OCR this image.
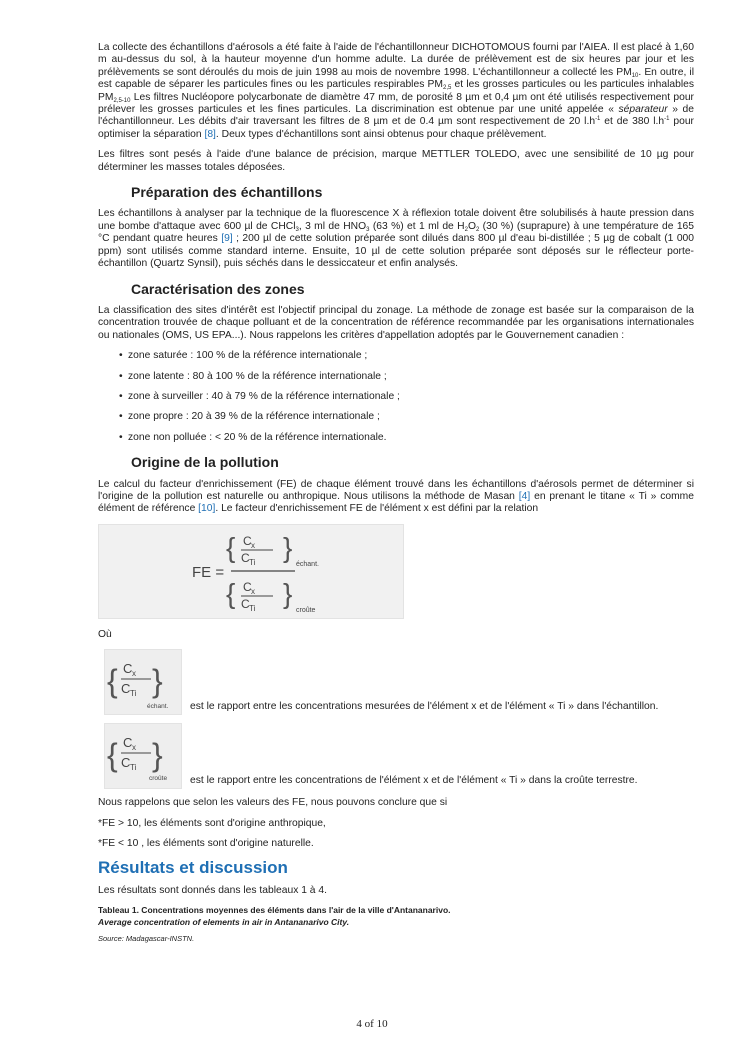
La collecte des échantillons d'aérosols a été faite à l'aide de l'échantillonneur DICHOTOMOUS fourni par l'AIEA. Il est placé à 1,60 m au-dessus du sol, à la hauteur moyenne d'un homme adulte. La durée de prélèvement est de six heures par jour et les prélèvements se sont déroulés du mois de juin 1998 au mois de novembre 1998. L'échantillonneur a collecté les $PM_{10}$. En outre, il est capable de séparer les particules fines ou les particules respirables $PM_{2,5}$ et les grosses particules ou les particules inhalables $PM_{2,5-10}$ Les filtres Nucléopore polycarbonate de diamètre 47 mm, de porosité 8 µm et 0,4 µm ont été utilisés respectivement pour prélever les grosses particules et les fines particules. La discrimination est obtenue par une unité appelée « séparateur » de l'échantillonneur. Les débits d'air traversant les filtres de 8 µm et de 0.4 µm sont respectivement de 20 $l.h^{-1}$ et de 380 $l.h^{-1}$ pour optimiser la séparation [8]. Deux types d'échantillons sont ainsi obtenus pour chaque prélèvement.

Les filtres sont pesés à l'aide d'une balance de précision, marque METTLER TOLEDO, avec une sensibilité de 10 µg pour déterminer les masses totales déposées.

Préparation des échantillons

Les échantillons à analyser par la technique de la fluorescence X à réflexion totale doivent être solubilisés à haute pression dans une bombe d'attaque avec 600 µl de CHCl$_3$, 3 ml de $HNO_3$ (63 %) et 1 ml de $H_2O_2$ (30 %) (suprapure) à une température de 165 °C pendant quatre heures [9] ; 200 µl de cette solution préparée sont dilués dans 800 µl d'eau bi-distillée ; 5 µg de cobalt (1 000 ppm) sont utilisés comme standard interne. Ensuite, 10 µl de cette solution préparée sont déposés sur le réflecteur porte-échantillon (Quartz Synsil), puis séchés dans le dessiccateur et enfin analysés.

Caractérisation des zones

La classification des sites d'intérêt est l'objectif principal du zonage. La méthode de zonage est basée sur la comparaison de la concentration trouvée de chaque polluant et de la concentration de référence recommandée par les organisations internationales ou nationales (OMS, US EPA...). Nous rappelons les critères d'appellation adoptés par le Gouvernement canadien :

• zone saturée : 100 % de la référence internationale ;
• zone latente : 80 à 100 % de la référence internationale ;
• zone à surveiller : 40 à 79 % de la référence internationale ;
• zone propre : 20 à 39 % de la référence internationale ;
• zone non polluée : < 20 % de la référence internationale.
Origine de la pollution

Le calcul du facteur d'enrichissement (FE) de chaque élément trouvé dans les échantillons d'aérosols permet de déterminer si l'origine de la pollution est naturelle ou anthropique. Nous utilisons la méthode de Masan [4] en prenant le titane « Ti » comme élément de référence [10]. Le facteur d'enrichissement FE de l'élément x est défini par la relation

FE =
{ }
C x
C Ti	échant.
{ }
C x
C Ti	croûte

Où

{ }
C x
C Ti
échant. est le rapport entre les concentrations mesurées de l'élément x et de l'élément « Ti » dans l'échantillon.
{ }
C x
C Ti
croûte est le rapport entre les concentrations de l'élément x et de l'élément « Ti » dans la croûte terrestre.

Nous rappelons que selon les valeurs des FE, nous pouvons conclure que si

*FE > 10, les éléments sont d'origine anthropique,

*FE < 10 , les éléments sont d'origine naturelle.

Résultats et discussion

Les résultats sont donnés dans les tableaux 1 à 4.

Tableau 1. Concentrations moyennes des éléments dans l'air de la ville d'Antananarivo.
Average concentration of elements in air in Antananarivo City.
Source: Madagascar-INSTN.
4 of 10
